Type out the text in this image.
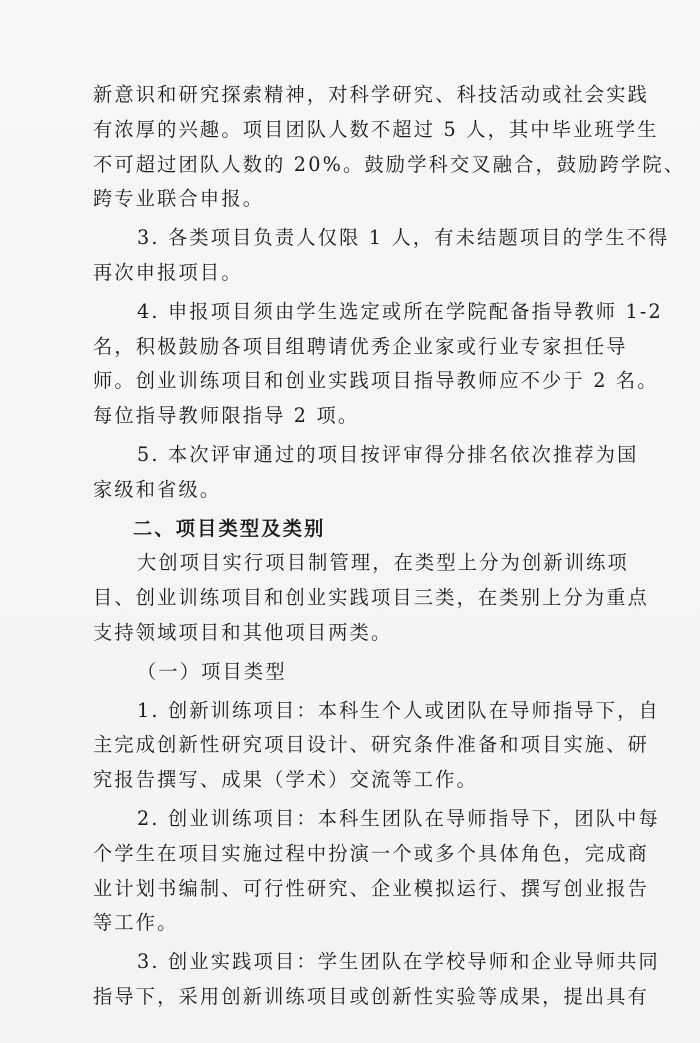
新意识和研究探索精神，对科学研究、科技活动或社会实践

有浓厚的兴趣。项目团队人数不超过 5 人，其中毕业班学生

不可超过团队人数的 20%。鼓励学科交叉融合，鼓励跨学院、

跨专业联合申报。

3. 各类项目负责人仅限 1 人，有未结题项目的学生不得

再次申报项目。

4. 申报项目须由学生选定或所在学院配备指导教师 1-2

名，积极鼓励各项目组聘请优秀企业家或行业专家担任导

师。创业训练项目和创业实践项目指导教师应不少于 2 名。

每位指导教师限指导 2 项。

5. 本次评审通过的项目按评审得分排名依次推荐为国

家级和省级。

二、项目类型及类别

大创项目实行项目制管理，在类型上分为创新训练项

目、创业训练项目和创业实践项目三类，在类别上分为重点

支持领域项目和其他项目两类。

（一）项目类型

1. 创新训练项目：本科生个人或团队在导师指导下，自

主完成创新性研究项目设计、研究条件准备和项目实施、研

究报告撰写、成果（学术）交流等工作。

2. 创业训练项目：本科生团队在导师指导下，团队中每

个学生在项目实施过程中扮演一个或多个具体角色，完成商

业计划书编制、可行性研究、企业模拟运行、撰写创业报告

等工作。

3. 创业实践项目：学生团队在学校导师和企业导师共同

指导下，采用创新训练项目或创新性实验等成果，提出具有
